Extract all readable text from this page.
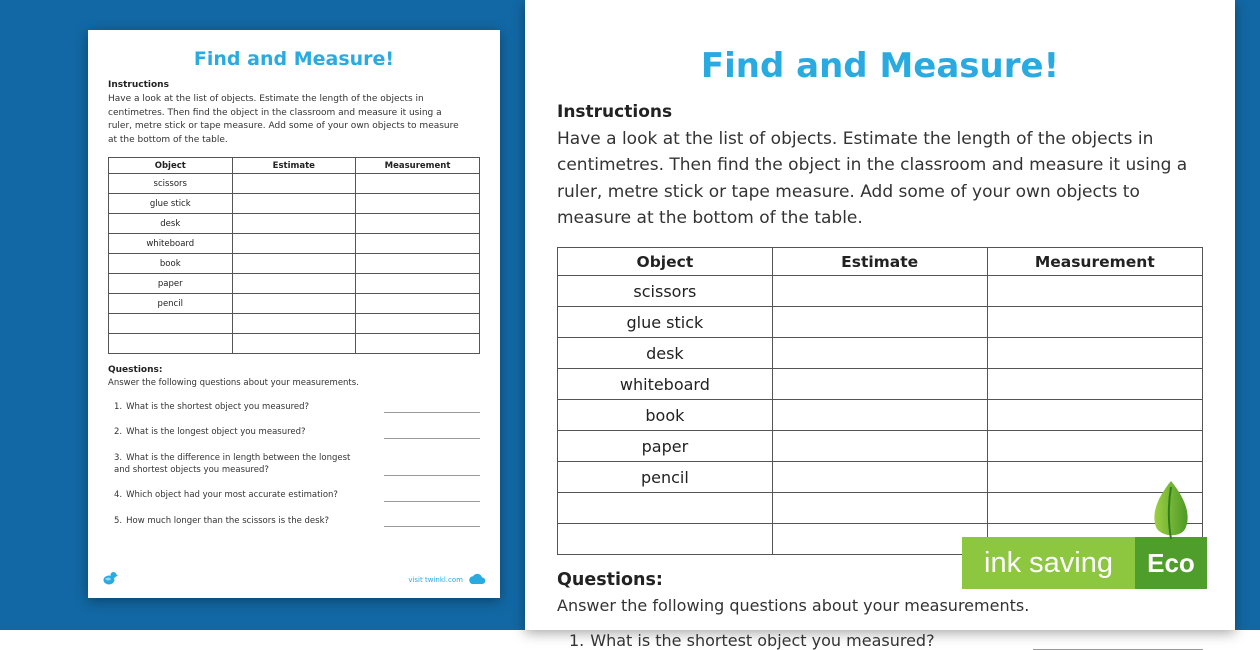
Find and Measure!
Instructions
Have a look at the list of objects. Estimate the length of the objects in centimetres. Then find the object in the classroom and measure it using a ruler, metre stick or tape measure. Add some of your own objects to measure at the bottom of the table.
Object	Estimate	Measurement
scissors		
glue stick		
desk		
whiteboard		
book		
paper		
pencil		

Questions:
Answer the following questions about your measurements.
1. What is the shortest object you measured?
2. What is the longest object you measured?
3. What is the difference in length between the longest and shortest objects you measured?
4. Which object had your most accurate estimation?
5. How much longer than the scissors is the desk?
visit twinkl.com
Find and Measure!
Instructions
Have a look at the list of objects. Estimate the length of the objects in centimetres. Then find the object in the classroom and measure it using a ruler, metre stick or tape measure. Add some of your own objects to measure at the bottom of the table.
Object	Estimate	Measurement
scissors		
glue stick		
desk		
whiteboard		
book		
paper		
pencil		

Questions:
Answer the following questions about your measurements.
1. What is the shortest object you measured?
ink saving	Eco
